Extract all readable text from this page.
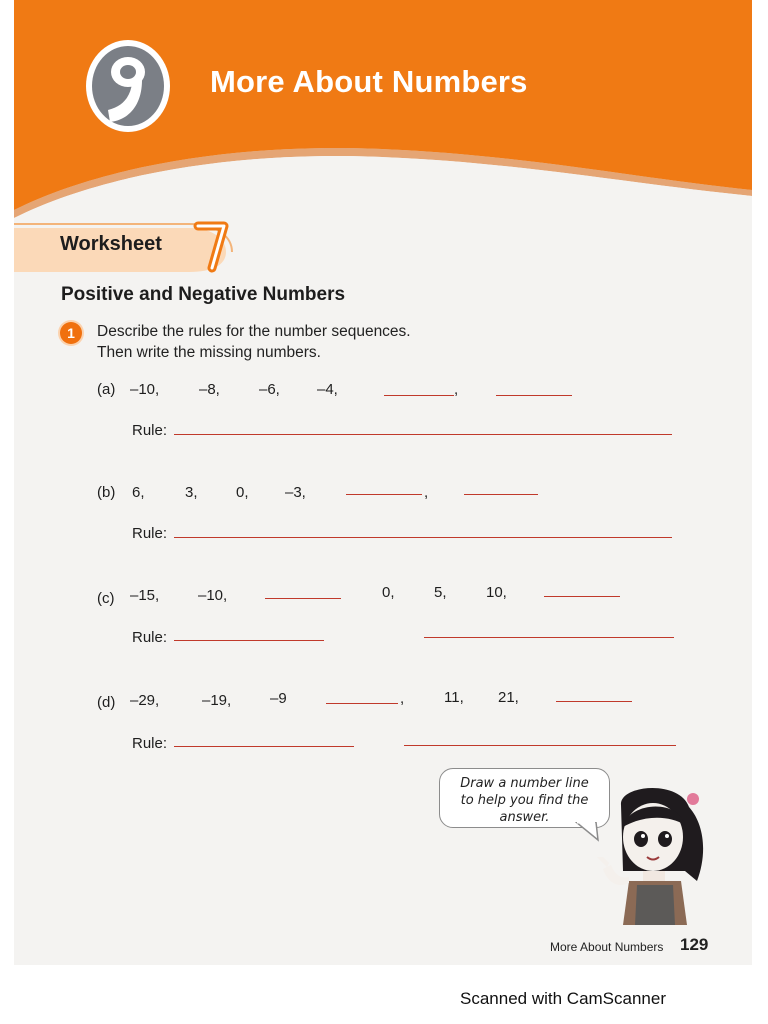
More About Numbers
Worksheet
Positive and Negative Numbers
1	Describe the rules for the number sequences.
Then write the missing numbers.
(a) –10,	–8,	–6, –4,	,
Rule:
(b) 6,	3,	0, –3,	,
Rule:
(c) –15,	–10,	0,	5,	10,
Rule:
(d) –29,	–19,	–9	,	11, 21,
Rule:
Draw a number line
to help you find the
answer.
More About Numbers 129
Scanned with CamScanner
